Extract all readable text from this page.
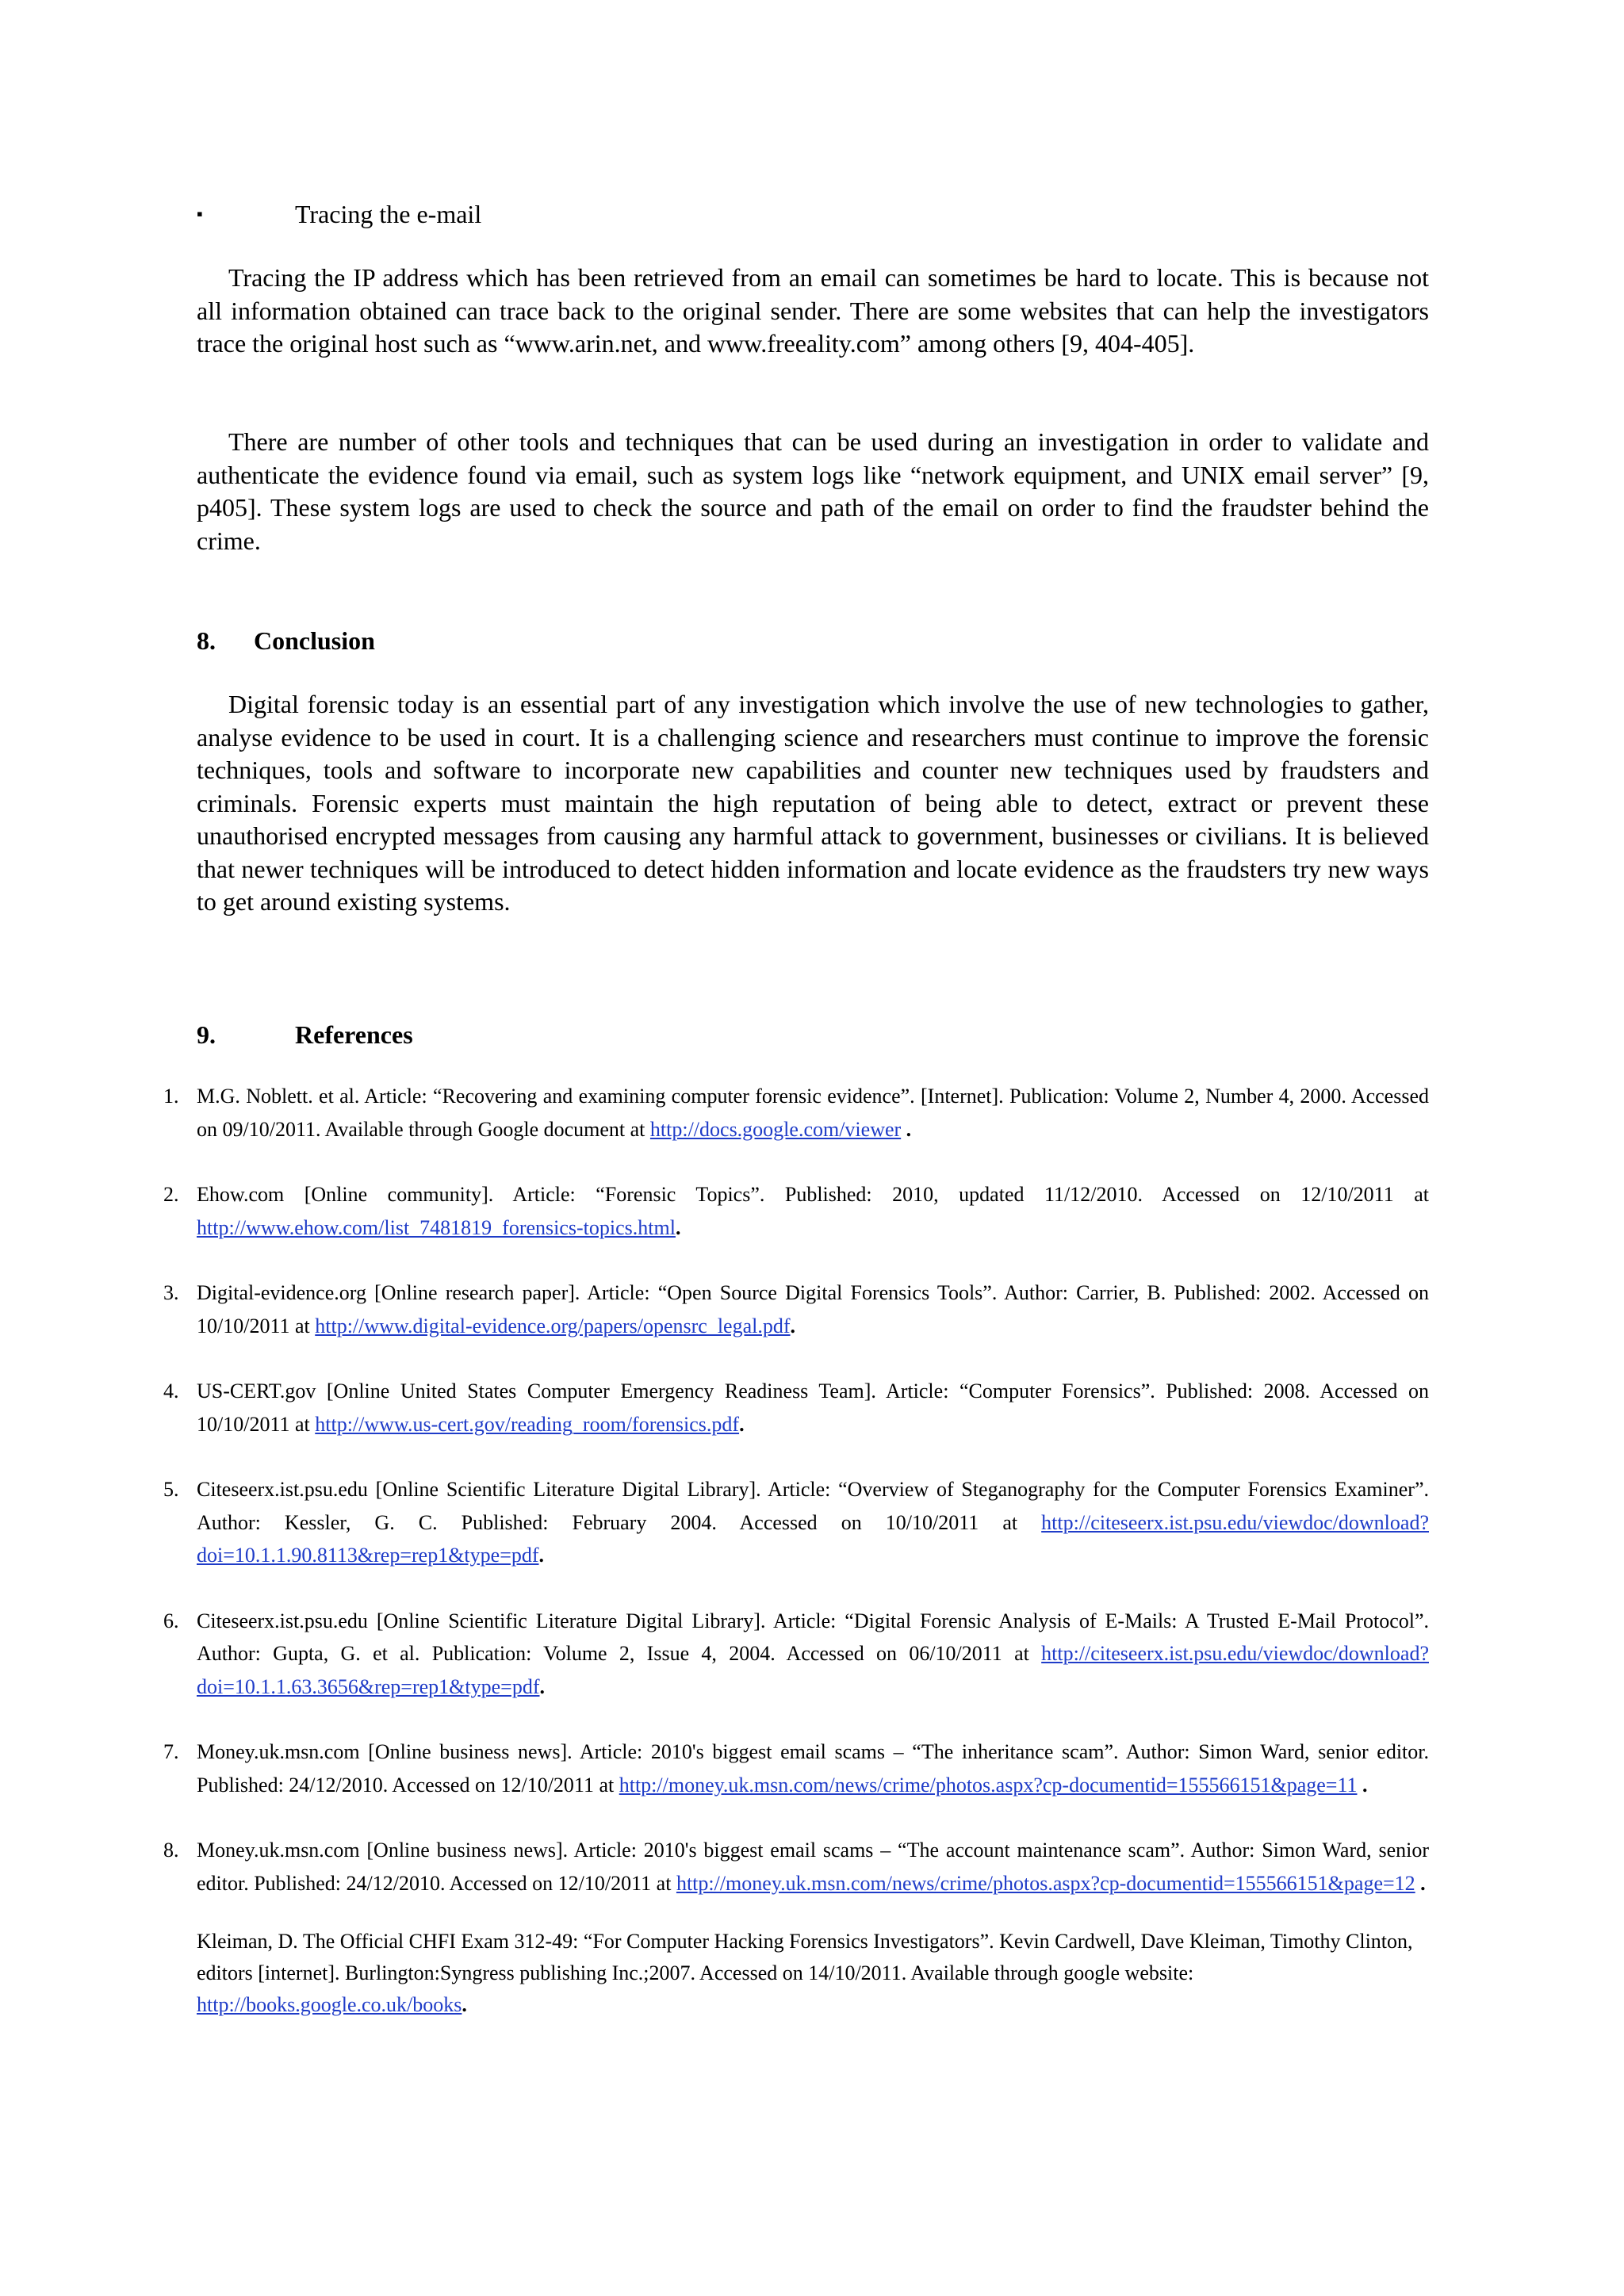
▪	Tracing the e-mail

Tracing the IP address which has been retrieved from an email can sometimes be hard to locate. This is because not all information obtained can trace back to the original sender. There are some websites that can help the investigators trace the original host such as “www.arin.net, and www.freeality.com” among others [9, 404-405].

There are number of other tools and techniques that can be used during an investigation in order to validate and authenticate the evidence found via email, such as system logs like “network equipment, and UNIX email server” [9, p405]. These system logs are used to check the source and path of the email on order to find the fraudster behind the crime.

8. Conclusion

Digital forensic today is an essential part of any investigation which involve the use of new technologies to gather, analyse evidence to be used in court. It is a challenging science and researchers must continue to improve the forensic techniques, tools and software to incorporate new capabilities and counter new techniques used by fraudsters and criminals. Forensic experts must maintain the high reputation of being able to detect, extract or prevent these unauthorised encrypted messages from causing any harmful attack to government, businesses or civilians. It is believed that newer techniques will be introduced to detect hidden information and locate evidence as the fraudsters try new ways to get around existing systems.

9.	References

1. M.G. Noblett. et al. Article: “Recovering and examining computer forensic evidence”. [Internet]. Publication: Volume 2, Number 4, 2000. Accessed on 09/10/2011. Available through Google document at http://docs.google.com/viewer .

2. Ehow.com [Online community]. Article: “Forensic Topics”. Published: 2010, updated 11/12/2010. Accessed on 12/10/2011 at http://www.ehow.com/list_7481819_forensics-topics.html.

3. Digital-evidence.org [Online research paper]. Article: “Open Source Digital Forensics Tools”. Author: Carrier, B. Published: 2002. Accessed on 10/10/2011 at http://www.digital-evidence.org/papers/opensrc_legal.pdf.

4. US-CERT.gov [Online United States Computer Emergency Readiness Team]. Article: “Computer Forensics”. Published: 2008. Accessed on 10/10/2011 at http://www.us-cert.gov/reading_room/forensics.pdf.

5. Citeseerx.ist.psu.edu [Online Scientific Literature Digital Library]. Article: “Overview of Steganography for the Computer Forensics Examiner”. Author: Kessler, G. C. Published: February 2004. Accessed on 10/10/2011 at http://citeseerx.ist.psu.edu/viewdoc/download?doi=10.1.1.90.8113&rep=rep1&type=pdf.

6. Citeseerx.ist.psu.edu [Online Scientific Literature Digital Library]. Article: “Digital Forensic Analysis of E-Mails: A Trusted E-Mail Protocol”. Author: Gupta, G. et al. Publication: Volume 2, Issue 4, 2004. Accessed on 06/10/2011 at http://citeseerx.ist.psu.edu/viewdoc/download?doi=10.1.1.63.3656&rep=rep1&type=pdf.

7. Money.uk.msn.com [Online business news]. Article: 2010's biggest email scams – “The inheritance scam”. Author: Simon Ward, senior editor. Published: 24/12/2010. Accessed on 12/10/2011 at http://money.uk.msn.com/news/crime/photos.aspx?cp-documentid=155566151&page=11 .

8. Money.uk.msn.com [Online business news]. Article: 2010's biggest email scams – “The account maintenance scam”. Author: Simon Ward, senior editor. Published: 24/12/2010. Accessed on 12/10/2011 at http://money.uk.msn.com/news/crime/photos.aspx?cp-documentid=155566151&page=12 .

Kleiman, D. The Official CHFI Exam 312-49: “For Computer Hacking Forensics Investigators”. Kevin Cardwell, Dave Kleiman, Timothy Clinton, editors [internet]. Burlington:Syngress publishing Inc.;2007. Accessed on 14/10/2011. Available through google website: http://books.google.co.uk/books.
